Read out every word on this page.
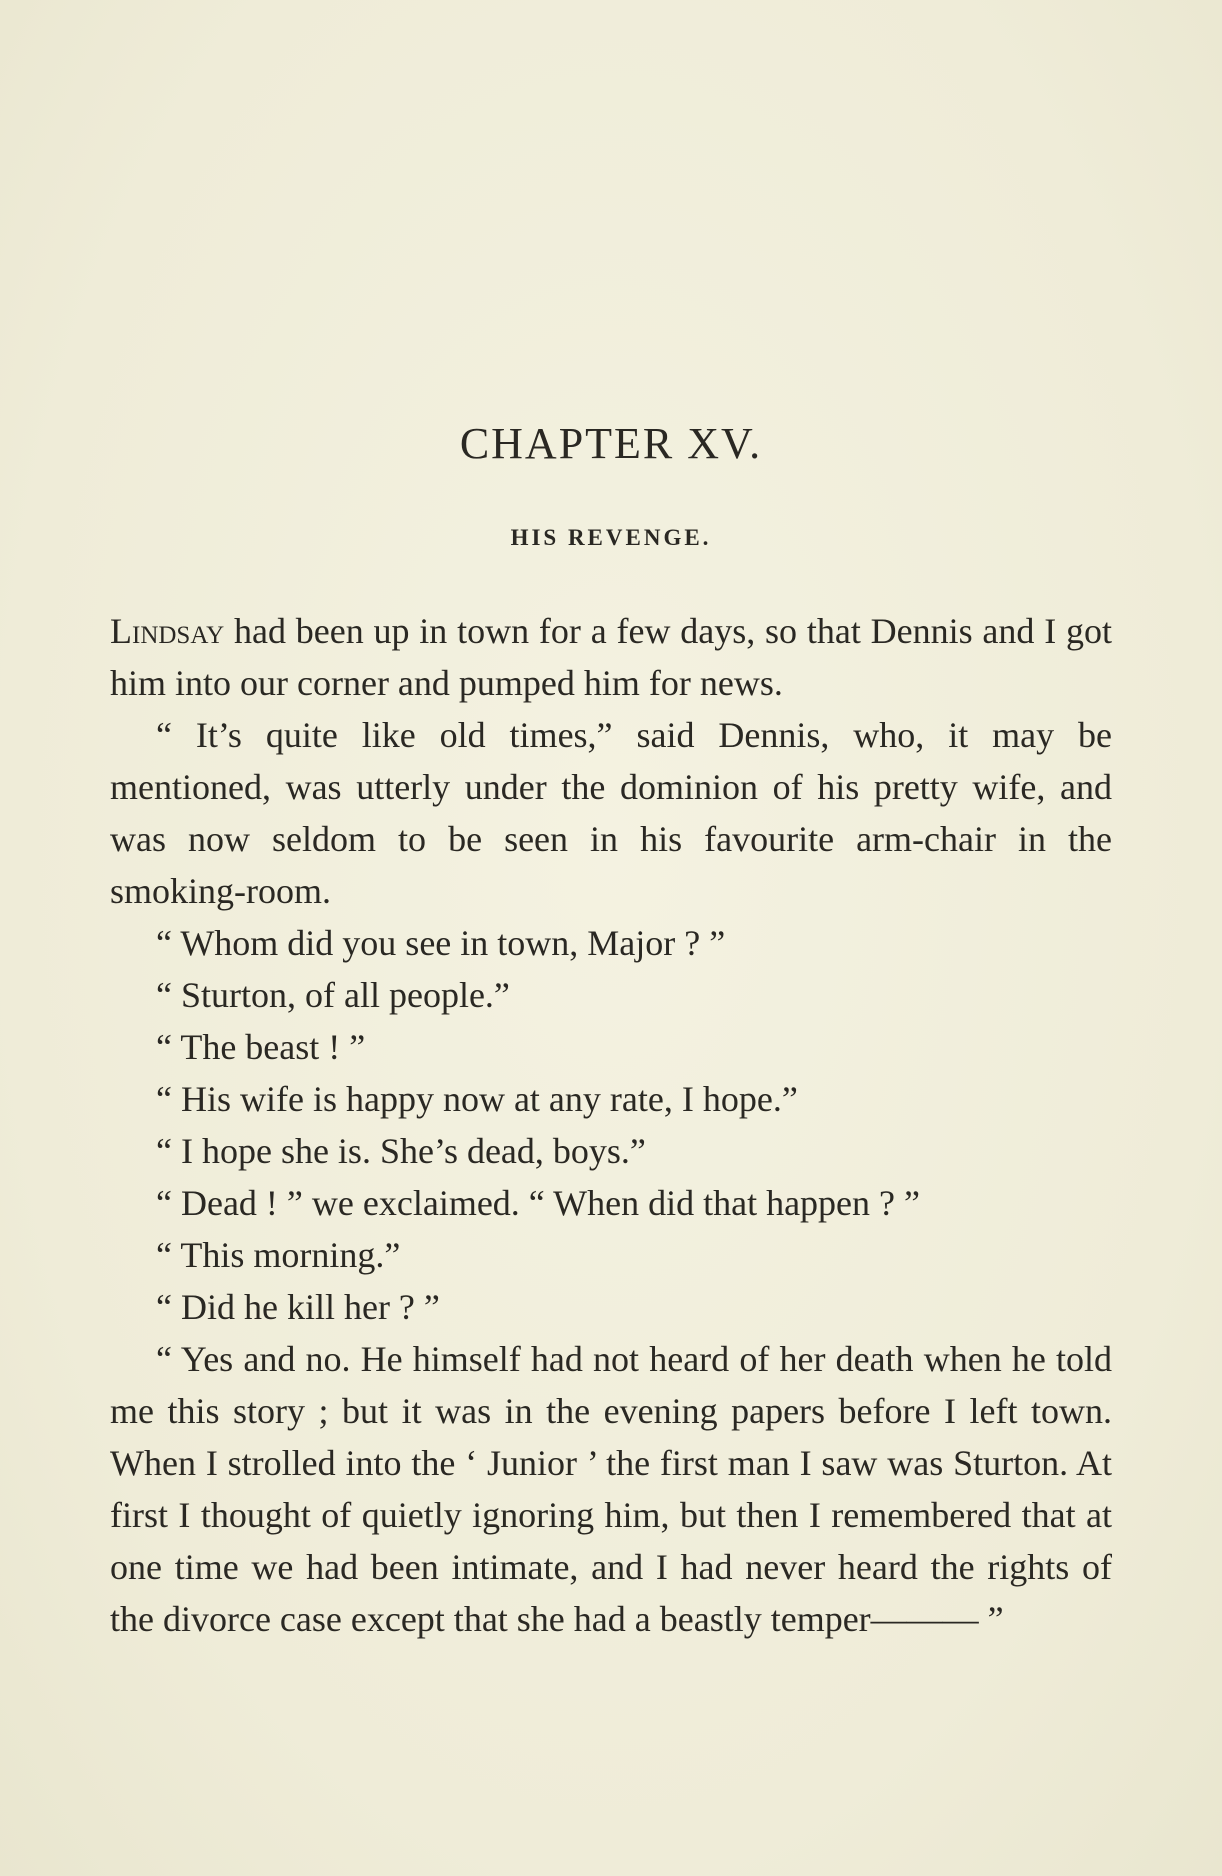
CHAPTER XV.
HIS REVENGE.

Lindsay had been up in town for a few days, so that Dennis and I got him into our corner and pumped him for news.

“ It’s quite like old times,” said Dennis, who, it may be mentioned, was utterly under the dominion of his pretty wife, and was now seldom to be seen in his favourite arm-chair in the smoking-room.

“ Whom did you see in town, Major ? ”

“ Sturton, of all people.”

“ The beast ! ”

“ His wife is happy now at any rate, I hope.”

“ I hope she is. She’s dead, boys.”

“ Dead ! ” we exclaimed. “ When did that happen ? ”

“ This morning.”

“ Did he kill her ? ”

“ Yes and no. He himself had not heard of her death when he told me this story ; but it was in the evening papers before I left town. When I strolled into the ‘ Junior ’ the first man I saw was Sturton. At first I thought of quietly ignoring him, but then I remembered that at one time we had been intimate, and I had never heard the rights of the divorce case except that she had a beastly temper——— ”
